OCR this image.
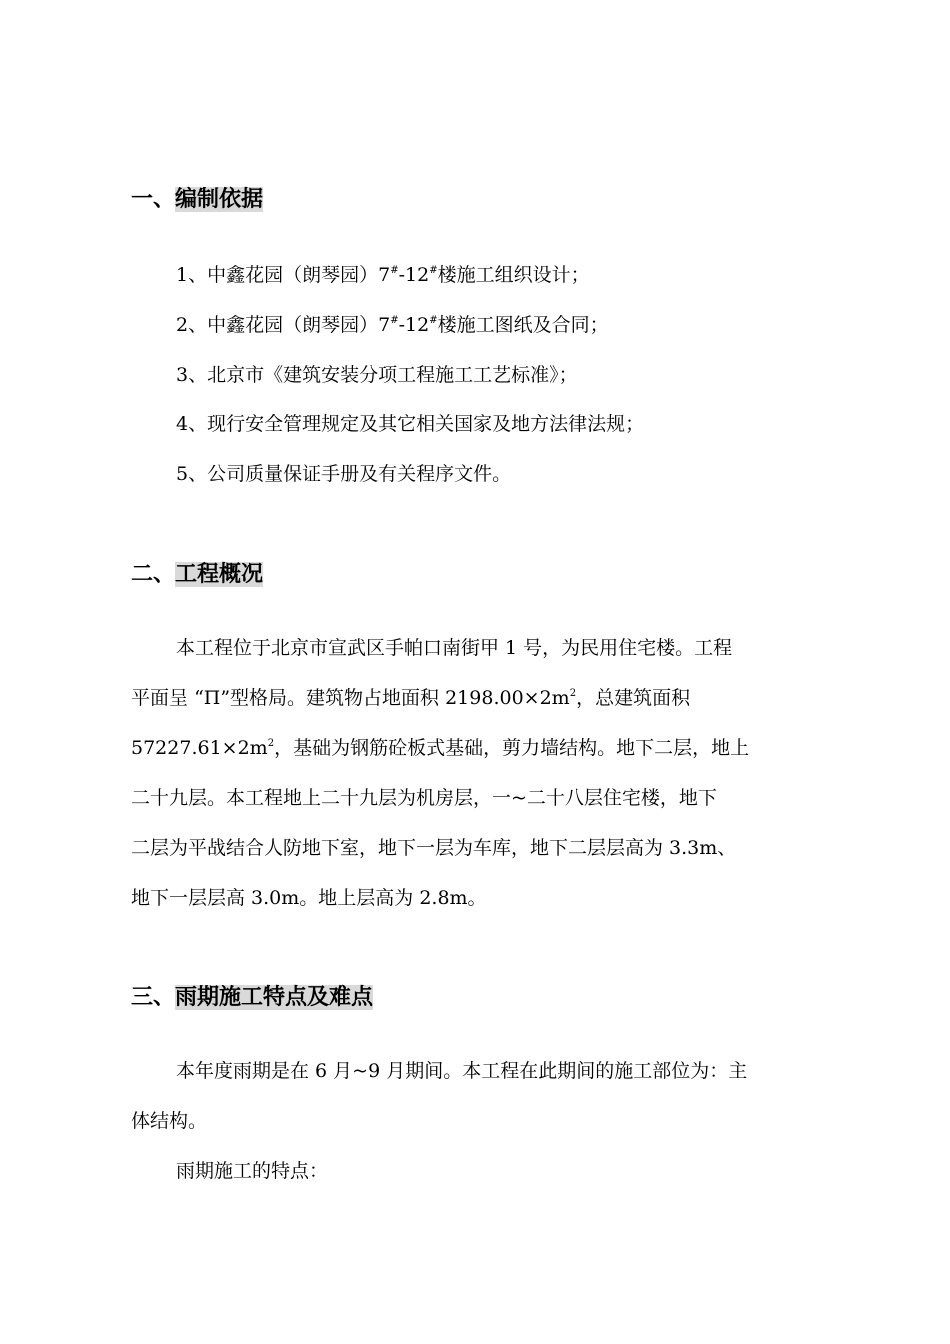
一、编制依据
1、中鑫花园（朗琴园）7#-12#楼施工组织设计；
2、中鑫花园（朗琴园）7#-12#楼施工图纸及合同；
3、北京市《建筑安装分项工程施工工艺标准》；
4、现行安全管理规定及其它相关国家及地方法律法规；
5、公司质量保证手册及有关程序文件。
二、工程概况
本工程位于北京市宣武区手帕口南街甲 1 号，为民用住宅楼。工程
平面呈 “Π”型格局。建筑物占地面积 $2198.00\times 2m^2$，总建筑面积
$57227.61\times 2m^2$，基础为钢筋砼板式基础，剪力墙结构。地下二层，地上
二十九层。本工程地上二十九层为机房层，一~二十八层住宅楼，地下
二层为平战结合人防地下室，地下一层为车库，地下二层层高为 3.3m、
地下一层层高 3.0m。地上层高为 2.8m。
三、雨期施工特点及难点
本年度雨期是在 6 月~9 月期间。本工程在此期间的施工部位为：主
体结构。
雨期施工的特点：
